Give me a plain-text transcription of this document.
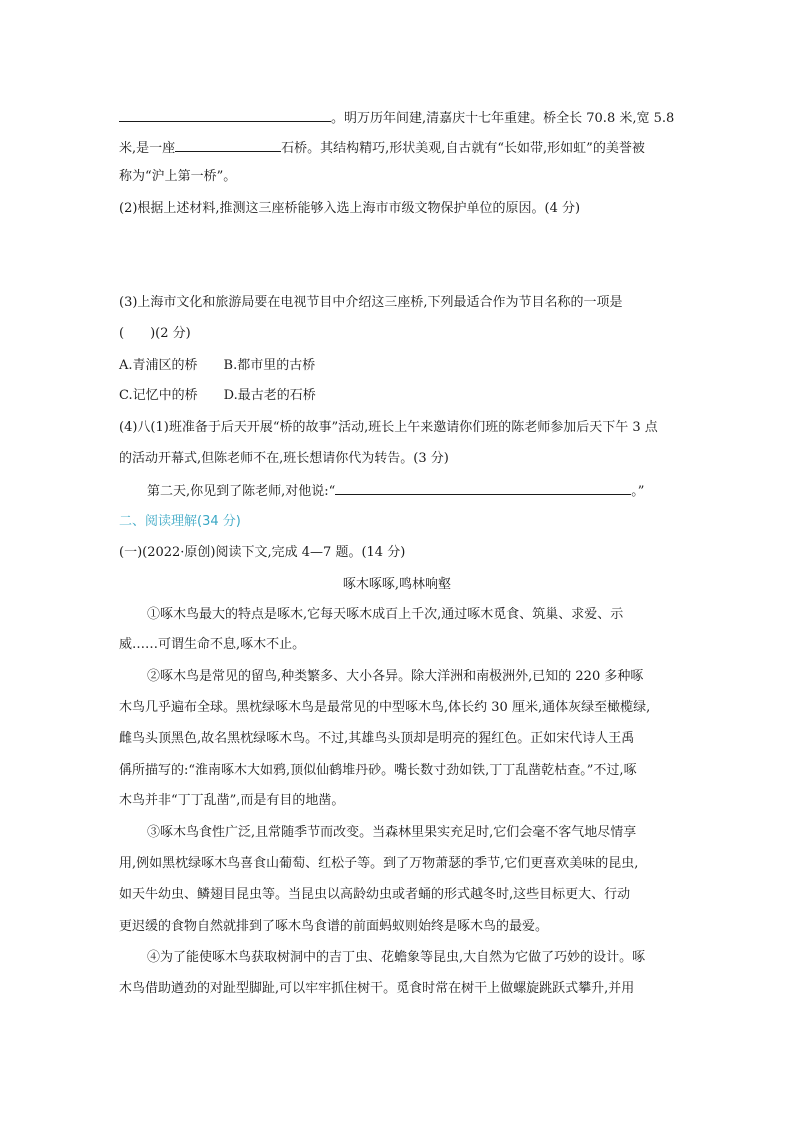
。明万历年间建,清嘉庆十七年重建。桥全长 70.8 米,宽 5.8
米,是一座	石桥。其结构精巧,形状美观,自古就有“长如带,形如虹”的美誉被
称为“沪上第一桥”。
(2)根据上述材料,推测这三座桥能够入选上海市市级文物保护单位的原因。(4 分)
(3)上海市文化和旅游局要在电视节目中介绍这三座桥,下列最适合作为节目名称的一项是
(　　)(2 分)
A.青浦区的桥　　B.都市里的古桥
C.记忆中的桥　　D.最古老的石桥
(4)八(1)班准备于后天开展“桥的故事”活动,班长上午来邀请你们班的陈老师参加后天下午 3 点
的活动开幕式,但陈老师不在,班长想请你代为转告。(3 分)
第二天,你见到了陈老师,对他说:“	。”
二、阅读理解(34 分)
(一)(2022·原创)阅读下文,完成 4—7 题。(14 分)
啄木啄啄,鸣林响壑
①啄木鸟最大的特点是啄木,它每天啄木成百上千次,通过啄木觅食、筑巢、求爱、示
威……可谓生命不息,啄木不止。
②啄木鸟是常见的留鸟,种类繁多、大小各异。除大洋洲和南极洲外,已知的 220 多种啄
木鸟几乎遍布全球。黑枕绿啄木鸟是最常见的中型啄木鸟,体长约 30 厘米,通体灰绿至橄榄绿,
雌鸟头顶黑色,故名黑枕绿啄木鸟。不过,其雄鸟头顶却是明亮的猩红色。正如宋代诗人王禹
偁所描写的:“淮南啄木大如鸦,顶似仙鹤堆丹砂。嘴长数寸劲如铁,丁丁乱凿乾枯查。”不过,啄
木鸟并非“丁丁乱凿”,而是有目的地凿。
③啄木鸟食性广泛,且常随季节而改变。当森林里果实充足时,它们会毫不客气地尽情享
用,例如黑枕绿啄木鸟喜食山葡萄、红松子等。到了万物萧瑟的季节,它们更喜欢美味的昆虫,
如天牛幼虫、鳞翅目昆虫等。当昆虫以高龄幼虫或者蛹的形式越冬时,这些目标更大、行动
更迟缓的食物自然就排到了啄木鸟食谱的前面蚂蚁则始终是啄木鸟的最爱。
④为了能使啄木鸟获取树洞中的吉丁虫、花蟾象等昆虫,大自然为它做了巧妙的设计。啄
木鸟借助遒劲的对趾型脚趾,可以牢牢抓住树干。觅食时常在树干上做螺旋跳跃式攀升,并用
